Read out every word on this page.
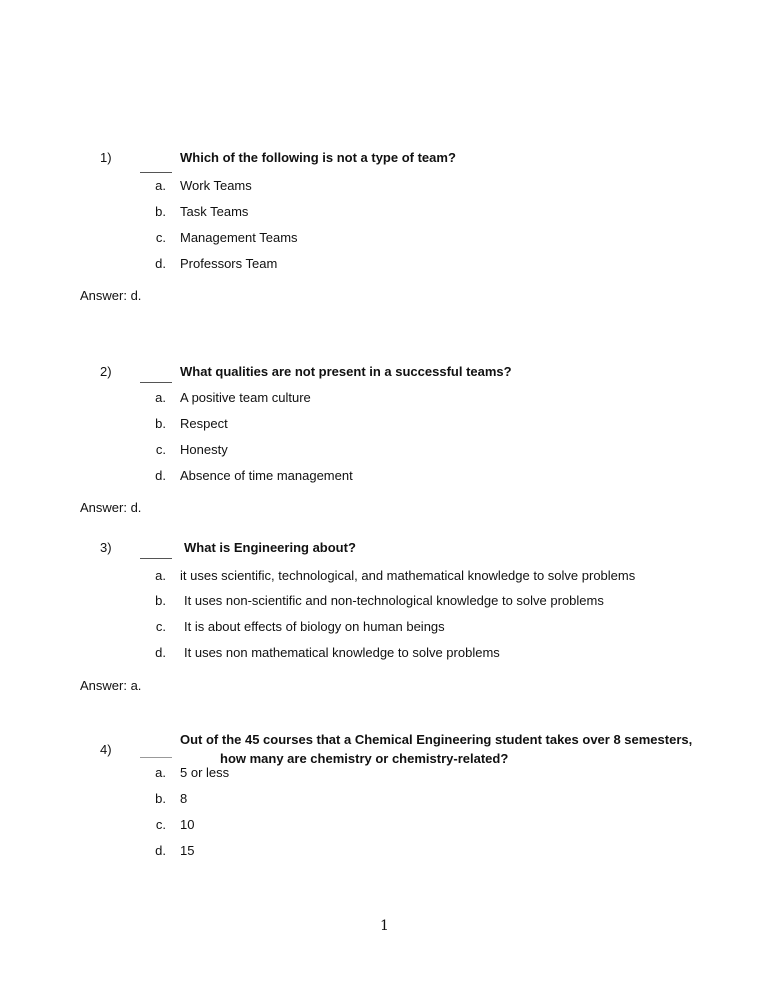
1)	Which of the following is not a type of team?
a. Work Teams
b. Task Teams
c. Management Teams
d. Professors Team
Answer: d.
2)	What qualities are not present in a successful teams?
a. A positive team culture
b. Respect
c. Honesty
d. Absence of time management
Answer: d.
3)	What is Engineering about?
a. it uses scientific, technological, and mathematical knowledge to solve problems
b. It uses non-scientific and non-technological knowledge to solve problems
c. It is about effects of biology on human beings
d. It uses non mathematical knowledge to solve problems
Answer: a.
Out of the 45 courses that a Chemical Engineering student takes over 8 semesters,
4)
how many are chemistry or chemistry-related?
a. 5 or less
b. 8
c. 10
d. 15
1
